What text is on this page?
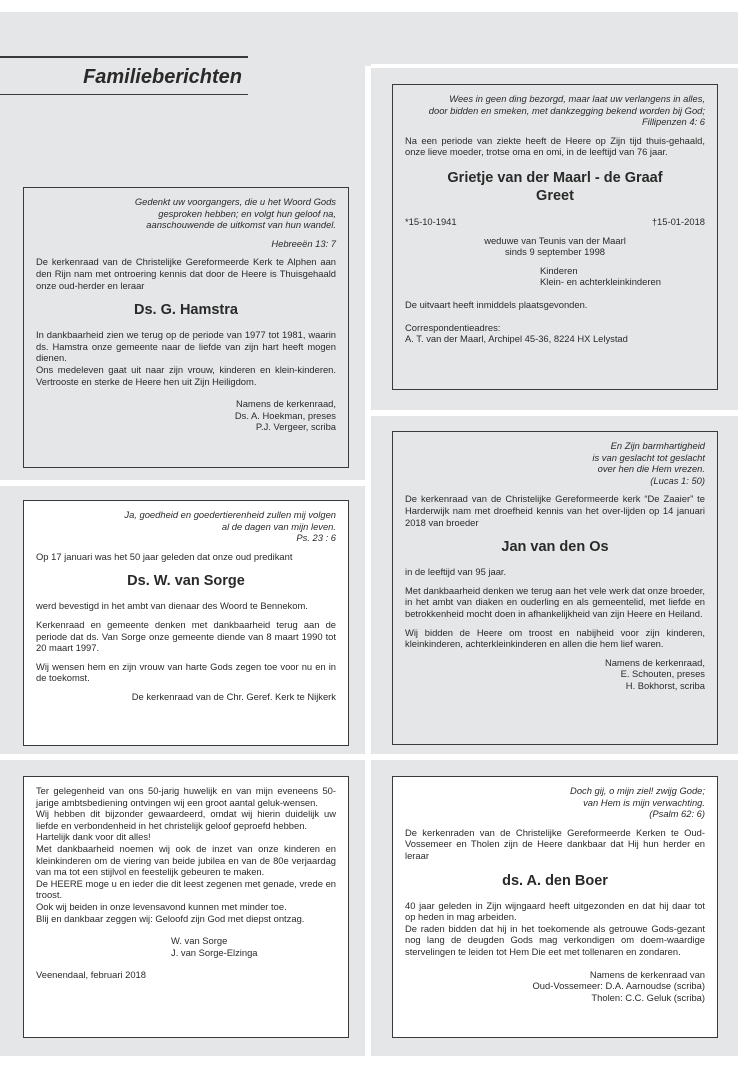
Familieberichten

Gedenkt uw voorgangers, die u het Woord Gods

gesproken hebben; en volgt hun geloof na,

aanschouwende de uitkomst van hun wandel.

Hebreeën 13: 7

De kerkenraad van de Christelijke Gereformeerde Kerk te Alphen aan den Rijn nam met ontroering kennis dat door de Heere is Thuisgehaald onze oud-herder en leraar

Ds. G. Hamstra

In dankbaarheid zien we terug op de periode van 1977 tot 1981, waarin ds. Hamstra onze gemeente naar de liefde van zijn hart heeft mogen dienen.

Ons medeleven gaat uit naar zijn vrouw, kinderen en klein-kinderen. Vertrooste en sterke de Heere hen uit Zijn Heiligdom.

Namens de kerkenraad,

Ds. A. Hoekman, preses

P.J. Vergeer, scriba

Ja, goedheid en goedertierenheid zullen mij volgen

al de dagen van mijn leven.

Ps. 23 : 6

Op 17 januari was het 50 jaar geleden dat onze oud predikant

Ds. W. van Sorge

werd bevestigd in het ambt van dienaar des Woord te Bennekom.

Kerkenraad en gemeente denken met dankbaarheid terug aan de periode dat ds. Van Sorge onze gemeente diende van 8 maart 1990 tot 20 maart 1997.

Wij wensen hem en zijn vrouw van harte Gods zegen toe voor nu en in de toekomst.

De kerkenraad van de Chr. Geref. Kerk te Nijkerk

Ter gelegenheid van ons 50-jarig huwelijk en van mijn eveneens 50-jarige ambtsbediening ontvingen wij een groot aantal geluk-wensen.

Wij hebben dit bijzonder gewaardeerd, omdat wij hierin duidelijk uw liefde en verbondenheid in het christelijk geloof geproefd hebben.

Hartelijk dank voor dit alles!

Met dankbaarheid noemen wij ook de inzet van onze kinderen en kleinkinderen om de viering van beide jubilea en van de 80e verjaardag van ma tot een stijlvol en feestelijk gebeuren te maken.

De HEERE moge u en ieder die dit leest zegenen met genade, vrede en troost.

Ook wij beiden in onze levensavond kunnen met minder toe.

Blij en dankbaar zeggen wij: Geloofd zijn God met diepst ontzag.

W. van Sorge

J. van Sorge-Elzinga

Veenendaal, februari 2018

Wees in geen ding bezorgd, maar laat uw verlangens in alles,

door bidden en smeken, met dankzegging bekend worden bij God;

Fillipenzen 4: 6

Na een periode van ziekte heeft de Heere op Zijn tijd thuis-gehaald, onze lieve moeder, trotse oma en omi, in de leeftijd van 76 jaar.

Grietje van der Maarl - de Graaf

Greet

*15-10-1941	†15-01-2018

weduwe van Teunis van der Maarl

sinds 9 september 1998

Kinderen

Klein- en achterkleinkinderen

De uitvaart heeft inmiddels plaatsgevonden.

Correspondentieadres:

A. T. van der Maarl, Archipel 45-36, 8224 HX Lelystad

En Zijn barmhartigheid

is van geslacht tot geslacht

over hen die Hem vrezen.

(Lucas 1: 50)

De kerkenraad van de Christelijke Gereformeerde kerk “De Zaaier” te Harderwijk nam met droefheid kennis van het over-lijden op 14 januari 2018 van broeder

Jan van den Os

in de leeftijd van 95 jaar.

Met dankbaarheid denken we terug aan het vele werk dat onze broeder, in het ambt van diaken en ouderling en als gemeentelid, met liefde en betrokkenheid mocht doen in afhankelijkheid van zijn Heere en Heiland.

Wij bidden de Heere om troost en nabijheid voor zijn kinderen, kleinkinderen, achterkleinkinderen en allen die hem lief waren.

Namens de kerkenraad,

E. Schouten, preses

H. Bokhorst, scriba

Doch gij, o mijn ziel! zwijg Gode;

van Hem is mijn verwachting.

(Psalm 62: 6)

De kerkenraden van de Christelijke Gereformeerde Kerken te Oud-Vossemeer en Tholen zijn de Heere dankbaar dat Hij hun herder en leraar

ds. A. den Boer

40 jaar geleden in Zijn wijngaard heeft uitgezonden en dat hij daar tot op heden in mag arbeiden.

De raden bidden dat hij in het toekomende als getrouwe Gods-gezant nog lang de deugden Gods mag verkondigen om doem-waardige stervelingen te leiden tot Hem Die eet met tollenaren en zondaren.

Namens de kerkenraad van

Oud-Vossemeer: D.A. Aarnoudse (scriba)

Tholen: C.C. Geluk (scriba)
